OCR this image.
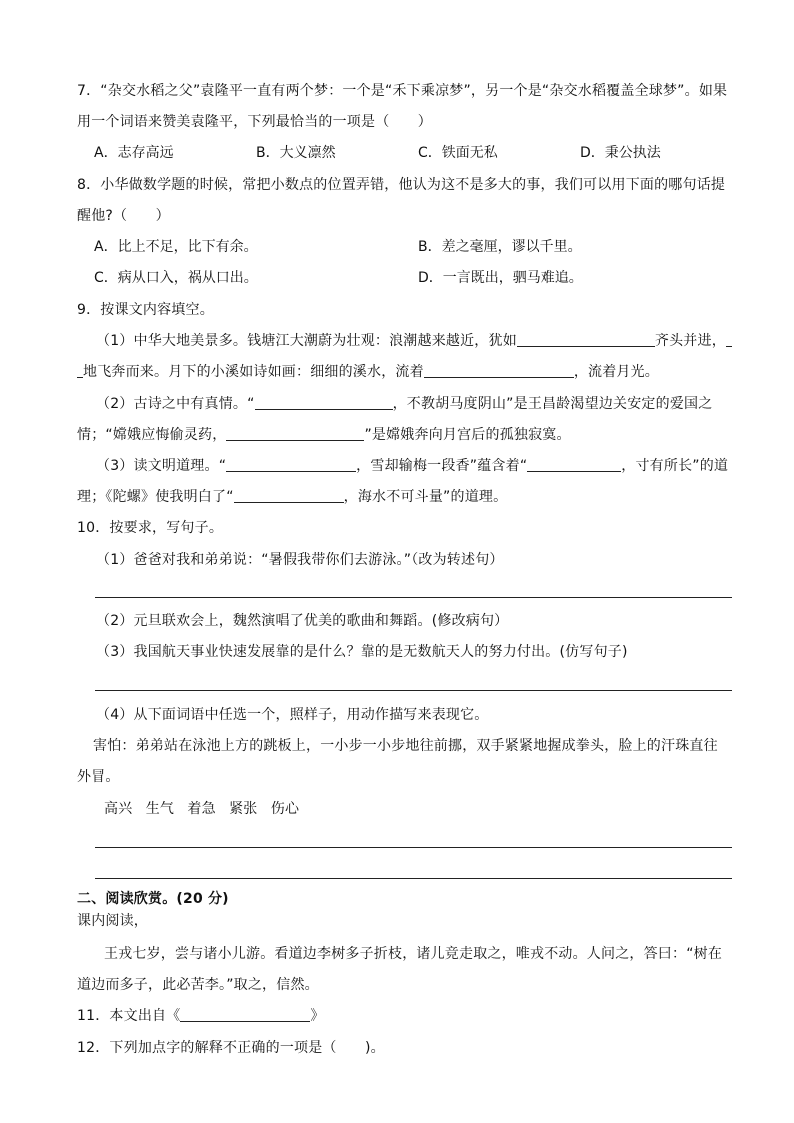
7．“杂交水稻之父”袁隆平一直有两个梦：一个是“禾下乘凉梦”，另一个是“杂交水稻覆盖全球梦”。如果
用一个词语来赞美袁隆平，下列最恰当的一项是（　　）
A．志存高远	B．大义凛然	C．铁面无私	D．秉公执法
8．小华做数学题的时候，常把小数点的位置弄错，他认为这不是多大的事，我们可以用下面的哪句话提
醒他?（　　）
A．比上不足，比下有余。	B．差之毫厘，谬以千里。
C．病从口入，祸从口出。	D．一言既出，驷马难追。
9．按课文内容填空。
（1）中华大地美景多。钱塘江大潮蔚为壮观：浪潮越来越近，犹如	齐头并进，
地飞奔而来。月下的小溪如诗如画：细细的溪水，流着	，流着月光。
（2）古诗之中有真情。“	，不教胡马度阴山”是王昌龄渴望边关安定的爱国之
情；“嫦娥应悔偷灵药，	”是嫦娥奔向月宫后的孤独寂寞。
（3）读文明道理。“	，雪却输梅一段香”蕴含着“	，寸有所长”的道
理；《陀螺》使我明白了“	，海水不可斗量”的道理。
10．按要求，写句子。
（1）爸爸对我和弟弟说：“暑假我带你们去游泳。”（改为转述句）
（2）元旦联欢会上，魏然演唱了优美的歌曲和舞蹈。(修改病句）
（3）我国航天事业快速发展靠的是什么？靠的是无数航天人的努力付出。(仿写句子)
（4）从下面词语中任选一个，照样子，用动作描写来表现它。
害怕：弟弟站在泳池上方的跳板上，一小步一小步地往前挪，双手紧紧地握成拳头，脸上的汗珠直往
外冒。
高兴  生气  着急  紧张  伤心
二、阅读欣赏。(20 分)
课内阅读，
王戎七岁，尝与诸小儿游。看道边李树多子折枝，诸儿竞走取之，唯戎不动。人问之，答曰：“树在
道边而多子，此必苦李。”取之，信然。
11．本文出自《	》
12．下列加点字的解释不正确的一项是（　　)。
